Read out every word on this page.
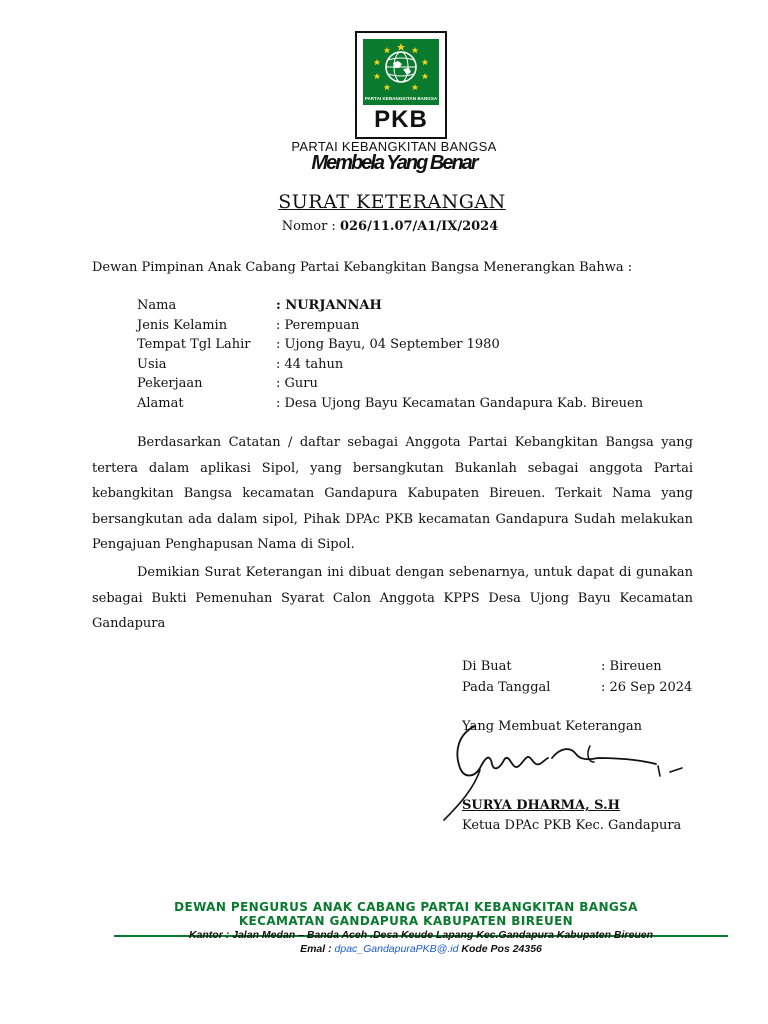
PARTAI KEBANGKITAN BANGSA
PKB
PARTAI KEBANGKITAN BANGSA
Membela Yang Benar
SURAT KETERANGAN
Nomor : 026/11.07/A1/IX/2024
Dewan Pimpinan Anak Cabang Partai Kebangkitan Bangsa Menerangkan Bahwa :
Nama	: NURJANNAH
Jenis Kelamin	: Perempuan
Tempat Tgl Lahir	: Ujong Bayu, 04 September 1980
Usia	: 44 tahun
Pekerjaan	: Guru
Alamat	: Desa Ujong Bayu Kecamatan Gandapura Kab. Bireuen
Berdasarkan Catatan / daftar sebagai Anggota Partai Kebangkitan Bangsa yang tertera dalam aplikasi Sipol, yang bersangkutan Bukanlah sebagai anggota Partai kebangkitan Bangsa kecamatan Gandapura Kabupaten Bireuen. Terkait Nama yang bersangkutan ada dalam sipol, Pihak DPAc PKB kecamatan Gandapura Sudah melakukan Pengajuan Penghapusan Nama di Sipol.
Demikian Surat Keterangan ini dibuat dengan sebenarnya, untuk dapat di gunakan sebagai Bukti Pemenuhan Syarat Calon Anggota KPPS Desa Ujong Bayu Kecamatan Gandapura
Di Buat	: Bireuen
Pada Tanggal	: 26 Sep 2024
Yang Membuat Keterangan
SURYA DHARMA, S.H
Ketua DPAc PKB Kec. Gandapura
DEWAN PENGURUS ANAK CABANG PARTAI KEBANGKITAN BANGSA
KECAMATAN GANDAPURA KABUPATEN BIREUEN
Kantor : Jalan Medan – Banda Aceh .Desa Keude Lapang Kec.Gandapura Kabupaten Bireuen
Emal : dpac_GandapuraPKB@.id Kode Pos 24356
